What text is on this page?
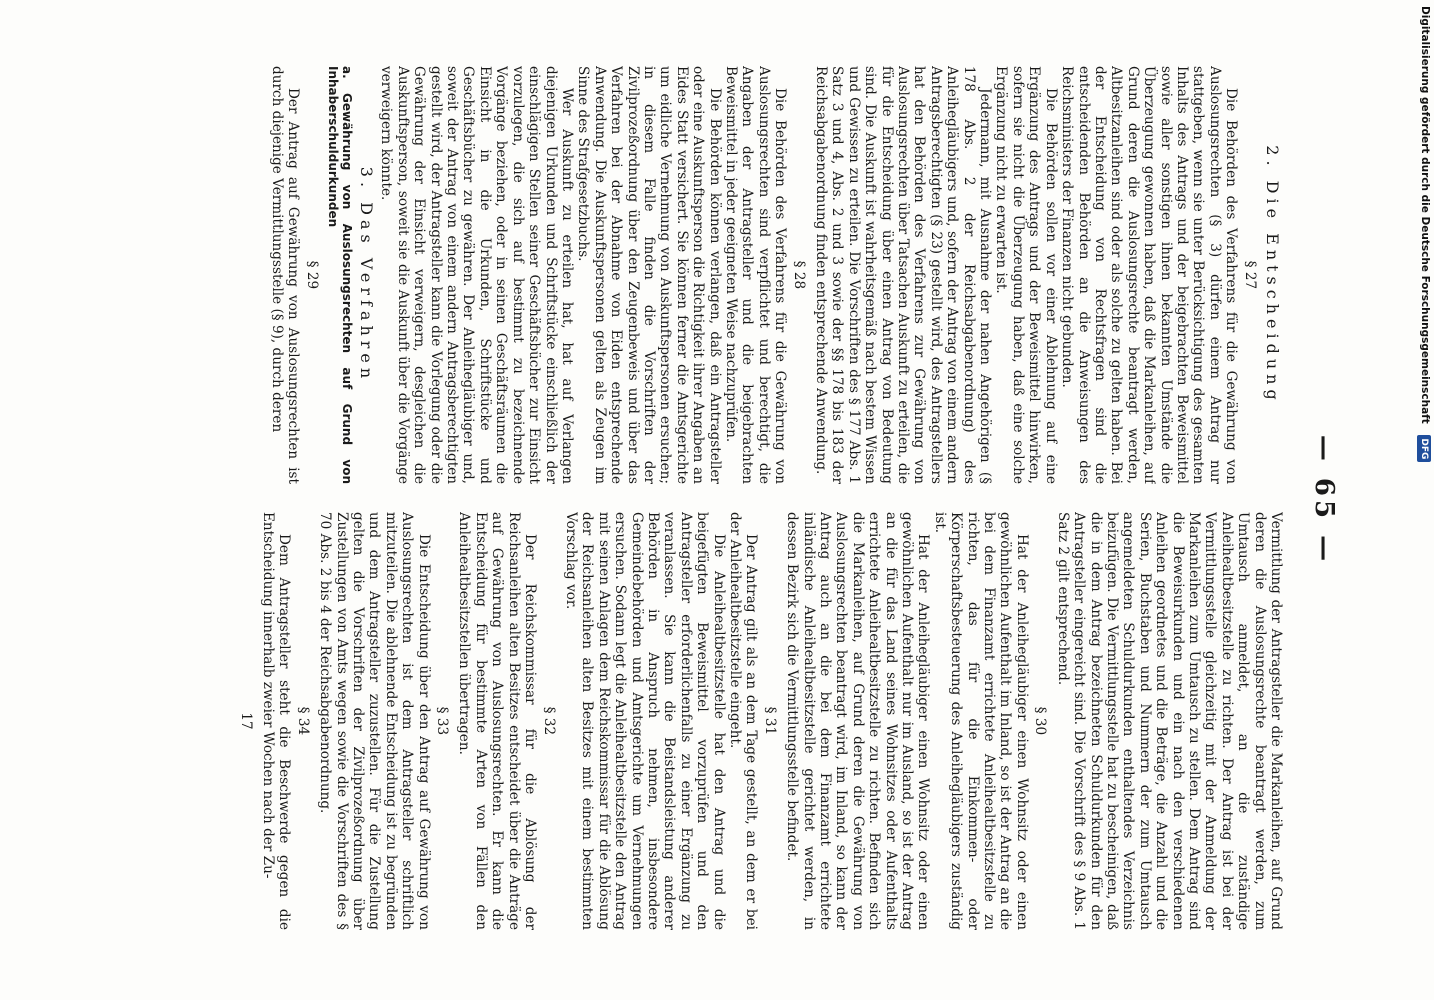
— 65 —
2. Die Entscheidung
§ 27

Die Behörden des Verfahrens für die Gewährung von Auslosungsrechten (§ 3) dürfen einem Antrag nur stattgeben, wenn sie unter Berücksichtigung des gesamten Inhalts des Antrags und der beigebrachten Beweismittel sowie aller sonstigen ihnen bekannten Umstände die Überzeugung gewonnen haben, daß die Markanleihen, auf Grund deren die Auslosungsrechte beantragt werden, Altbesitzanleihen sind oder als solche zu gelten haben. Bei der Entscheidung von Rechtsfragen sind die entscheidenden Behörden an die Anweisungen des Reichsministers der Finanzen nicht gebunden.

Die Behörden sollen vor einer Ablehnung auf eine Ergänzung des Antrags und der Beweismittel hinwirken, sofern sie nicht die Überzeugung haben, daß eine solche Ergänzung nicht zu erwarten ist.

Jedermann, mit Ausnahme der nahen Angehörigen (§ 178 Abs. 2 der Reichsabgabenordnung) des Anleihegläubigers und, sofern der Antrag von einem andern Antragsberechtigten (§ 23) gestellt wird, des Antragstellers hat den Behörden des Verfahrens zur Gewährung von Auslosungsrechten über Tatsachen Auskunft zu erteilen, die für die Entscheidung über einen Antrag von Bedeutung sind. Die Auskunft ist wahrheitsgemäß nach bestem Wissen und Gewissen zu erteilen. Die Vorschriften des § 177 Abs. 1 Satz 3 und 4, Abs. 2 und 3 sowie der §§ 178 bis 183 der Reichsabgabenordnung finden entsprechende Anwendung.

§ 28

Die Behörden des Verfahrens für die Gewährung von Auslosungsrechten sind verpflichtet und berechtigt, die Angaben der Antragsteller und die beigebrachten Beweismittel in jeder geeigneten Weise nachzuprüfen.

Die Behörden können verlangen, daß ein Antragsteller oder eine Auskunftsperson die Richtigkeit ihrer Angaben an Eides Statt versichert. Sie können ferner die Amtsgerichte um eidliche Vernehmung von Auskunftspersonen ersuchen; in diesem Falle finden die Vorschriften der Zivilprozeßordnung über den Zeugenbeweis und über das Verfahren bei der Abnahme von Eiden entsprechende Anwendung. Die Auskunftspersonen gelten als Zeugen im Sinne des Strafgesetzbuchs.

Wer Auskunft zu erteilen hat, hat auf Verlangen diejenigen Urkunden und Schriftstücke einschließlich der einschlägigen Stellen seiner Geschäftsbücher zur Einsicht vorzulegen, die sich auf bestimmt zu bezeichnende Vorgänge beziehen, oder in seinen Geschäftsräumen die Einsicht in die Urkunden, Schriftstücke und Geschäftsbücher zu gewähren. Der Anleihegläubiger und, soweit der Antrag von einem andern Antragsberechtigten gestellt wird, der Antragsteller kann die Vorlegung oder die Gewährung der Einsicht verweigern, desgleichen die Auskunftsperson, soweit sie die Auskunft über die Vorgänge verweigern könnte.

3. Das Verfahren

a. Gewährung von Auslosungsrechten auf Grund von Inhaberschuldurkunden

§ 29

Der Antrag auf Gewährung von Auslosungsrechten ist durch diejenige Vermittlungsstelle (§ 9), durch deren

Vermittlung der Antragsteller die Markanleihen, auf Grund deren die Auslosungsrechte beantragt werden, zum Umtausch anmeldet, an die zuständige Anleihealtbesitzstelle zu richten. Der Antrag ist bei der Vermittlungsstelle gleichzeitig mit der Anmeldung der Markanleihen zum Umtausch zu stellen. Dem Antrag sind die Beweisurkunden und ein nach den verschiedenen Anleihen geordnetes und die Beträge, die Anzahl und die Serien, Buchstaben und Nummern der zum Umtausch angemeldeten Schuldurkunden enthaltendes Verzeichnis beizufügen. Die Vermittlungsstelle hat zu bescheinigen, daß die in dem Antrag bezeichneten Schuldurkunden für den Antragsteller eingereicht sind. Die Vorschrift des § 9 Abs. 1 Satz 2 gilt entsprechend.

§ 30

Hat der Anleihegläubiger einen Wohnsitz oder einen gewöhnlichen Aufenthalt im Inland, so ist der Antrag an die bei dem Finanzamt errichtete Anleihealtbesitzstelle zu richten, das für die Einkommen- oder Körperschaftsbesteuerung des Anleihegläubigers zuständig ist.

Hat der Anleihegläubiger einen Wohnsitz oder einen gewöhnlichen Aufenthalt nur im Ausland, so ist der Antrag an die für das Land seines Wohnsitzes oder Aufenthalts errichtete Anleihealtbesitzstelle zu richten. Befinden sich die Markanleihen, auf Grund deren die Gewährung von Auslosungsrechten beantragt wird, im Inland, so kann der Antrag auch an die bei dem Finanzamt errichtete inländische Anleihealtbesitzstelle gerichtet werden, in dessen Bezirk sich die Vermittlungsstelle befindet.

§ 31

Der Antrag gilt als an dem Tage gestellt, an dem er bei der Anleihealtbesitzstelle eingeht.

Die Anleihealtbesitzstelle hat den Antrag und die beigefügten Beweismittel vorzuprüfen und den Antragsteller erforderlichenfalls zu einer Ergänzung zu veranlassen. Sie kann die Beistandsleistung anderer Behörden in Anspruch nehmen, insbesondere Gemeindebehörden und Amtsgerichte um Vernehmungen ersuchen. Sodann legt die Anleihealtbesitzstelle den Antrag mit seinen Anlagen dem Reichskommissar für die Ablösung der Reichsanleihen alten Besitzes mit einem bestimmten Vorschlag vor.

§ 32

Der Reichskommissar für die Ablösung der Reichsanleihen alten Besitzes entscheidet über die Anträge auf Gewährung von Auslosungsrechten. Er kann die Entscheidung für bestimmte Arten von Fällen den Anleihealtbesitzstellen übertragen.

§ 33

Die Entscheidung über den Antrag auf Gewährung von Auslosungsrechten ist dem Antragsteller schriftlich mitzuteilen. Die ablehnende Entscheidung ist zu begründen und dem Antragsteller zuzustellen. Für die Zustellung gelten die Vorschriften der Zivilprozeßordnung über Zustellungen von Amts wegen sowie die Vorschriften des § 70 Abs. 2 bis 4 der Reichsabgabenordnung.

§ 34

Dem Antragsteller steht die Beschwerde gegen die Entscheidung innerhalb zweier Wochen nach der Zu-

17
Digitalisierung gefördert durch die Deutsche Forschungsgemeinschaft DFG
